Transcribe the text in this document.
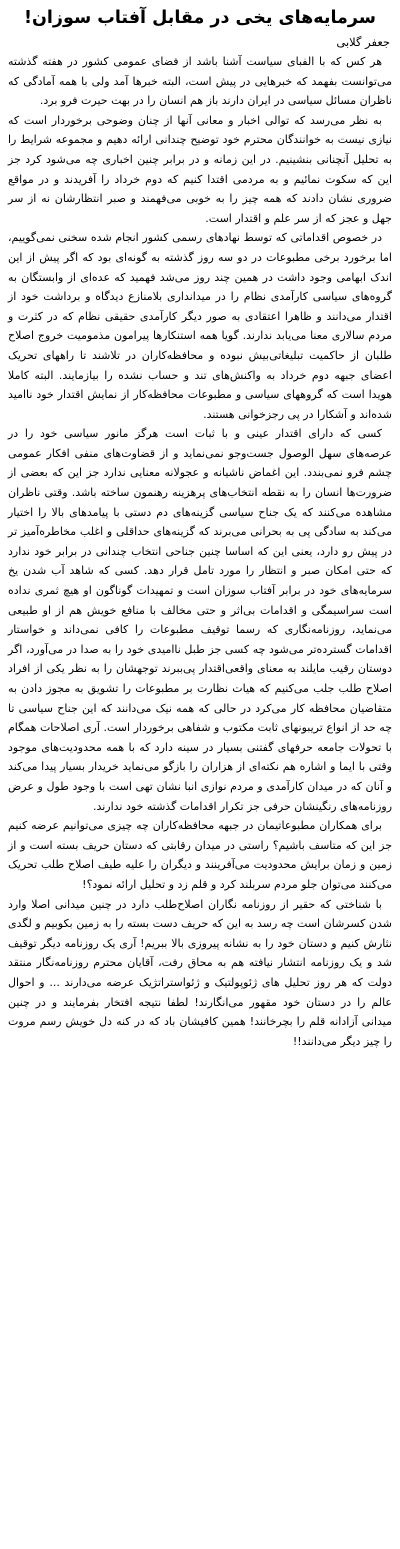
سرمایه‌های یخی در مقابل آفتاب سوزان!
جعفر گلابی

هر کس که با الفبای سیاست آشنا باشد از فضای عمومی کشور در هفته گذشته می‌توانست بفهمد که خبرهایی در پیش است، البته خبرها آمد ولی با همه آمادگی که ناظران مسائل سیاسی در ایران دارند باز هم انسان را در بهت حیرت فرو برد.

به نظر می‌رسد که توالی اخبار و معانی آنها از چنان وضوحی برخوردار است که نیازی نیست به خوانندگان محترم خود توضیح چندانی ارائه دهیم و مجموعه شرایط را به تحلیل آنچنانی بنشینیم. در این زمانه و در برابر چنین اخباری چه می‌شود کرد جز این که سکوت نمائیم و به مردمی اقتدا کنیم که دوم خرداد را آفریدند و در مواقع ضروری نشان دادند که همه چیز را به خوبی می‌فهمند و صبر انتظارشان نه از سر جهل و عجز که از سر علم و اقتدار است.

در خصوص اقداماتی که توسط نهادهای رسمی کشور انجام شده سخنی نمی‌گوییم، اما برخورد برخی مطبوعات در دو سه روز گذشته به گونه‌ای بود که اگر پیش از این اندک ابهامی وجود داشت در همین چند روز می‌شد فهمید که عده‌ای از وابستگان به گروه‌های سیاسی کارآمدی نظام را در میدانداری بلامنازع دیدگاه و برداشت خود از اقتدار می‌دانند و ظاهرا اعتقادی به صور دیگر کارآمدی حقیقی نظام که در کثرت و مردم سالاری معنا می‌یابد ندارند. گویا همه استنکارها پیرامون مذمومیت خروج اصلاح طلبان از حاکمیت تبلیغاتی‌بیش نبوده و محافظه‌کاران در تلاشند تا راههای تحریک اعضای جبهه دوم خرداد به واکنش‌های تند و حساب نشده را بیازمایند. البته کاملا هویدا است که گروههای سیاسی و مطبوعات محافظه‌کار از نمایش اقتدار خود ناامید شده‌اند و آشکارا در پی رجزخوانی هستند.

کسی که دارای اقتدار عینی و با ثبات است هرگز مانور سیاسی خود را در عرصه‌های سهل الوصول جست‌وجو نمی‌نماید و از قضاوت‌های منفی افکار عمومی چشم فرو نمی‌بندد. این اغماض ناشیانه و عجولانه معنایی ندارد جز این که بعضی از ضرورت‌ها انسان را به نقطه انتخاب‌های پرهزینه رهنمون ساخته باشد. وقتی ناظران مشاهده می‌کنند که یک جناح سیاسی گزینه‌های دم دستی با پیامدهای بالا را اختیار می‌کند به سادگی پی به بحرانی می‌برند که گزینه‌های حداقلی و اغلب مخاطره‌آمیز تر در پیش رو دارد، یعنی این که اساسا چنین جناحی انتخاب چندانی در برابر خود ندارد که حتی امکان صبر و انتظار را مورد تامل قرار دهد. کسی که شاهد آب شدن یخ سرمایه‌های خود در برابر آفتاب سوزان است و تمهیدات گوناگون او هیچ ثمری نداده است سراسیمگی و اقدامات بی‌اثر و حتی مخالف با منافع خویش هم از او طبیعی می‌نماید، روزنامه‌نگاری که رسما توقیف مطبوعات را کافی نمی‌داند و خواستار اقدامات گسترده‌تر می‌شود چه کسی جز طبل ناامیدی خود را به صدا در می‌آورد، اگر دوستان رقیب مایلند به معنای واقعی‌اقتدار پی‌ببرند توجهشان را به نظر یکی از افراد اصلاح طلب جلب می‌کنیم که هیات نظارت بر مطبوعات را تشویق به مجوز دادن به متقاضیان محافظه کار می‌کرد در حالی که همه نیک می‌دانند که این جناح سیاسی تا چه حد از انواع تریبونهای ثابت مکتوب و شفاهی برخوردار است. آری اصلاحات همگام با تحولات جامعه حرفهای گفتنی بسیار در سینه دارد که با همه محدودیت‌های موجود وقتی با ایما و اشاره هم نکته‌ای از هزاران را بازگو می‌نماید خریدار بسیار پیدا می‌کند و آنان که در میدان کارآمدی و مردم نوازی انبا نشان تهی است با وجود طول و عرض روزنامه‌های رنگینشان حرفی جز تکرار اقدامات گذشته خود ندارند.

برای همکاران مطبوعاتیمان در جبهه محافظه‌کاران چه چیزی می‌توانیم عرضه کنیم جز این که متاسف باشیم؟ راستی در میدان رقابتی که دستان حریف بسته است و از زمین و زمان برایش محدودیت می‌آفرینند و دیگران را علیه طیف اصلاح طلب تحریک می‌کنند می‌توان جلو مردم سربلند کرد و قلم زد و تحلیل ارائه نمود؟!

با شناختی که حقیر از روزنامه نگاران اصلاح‌طلب دارد در چنین میدانی اصلا وارد شدن کسرشان است چه رسد به این که حریف دست بسته را به زمین بکوبیم و لگدی نثارش کنیم و دستان خود را به نشانه پیروزی بالا ببریم! آری یک روزنامه دیگر توقیف شد و یک روزنامه انتشار نیافته هم به محاق رفت، آقایان محترم روزنامه‌نگار منتقد دولت که هر روز تحلیل های ژئوپولتیک و ژئواستراتژیک عرضه می‌دارند ... و احوال عالم را در دستان خود مقهور می‌انگارند! لطفا نتیجه افتخار بفرمایند و در چنین میدانی آزادانه قلم را بچرخانند! همین کافیشان باد که در کنه دل خویش رسم مروت را چیز دیگر می‌دانند!!
